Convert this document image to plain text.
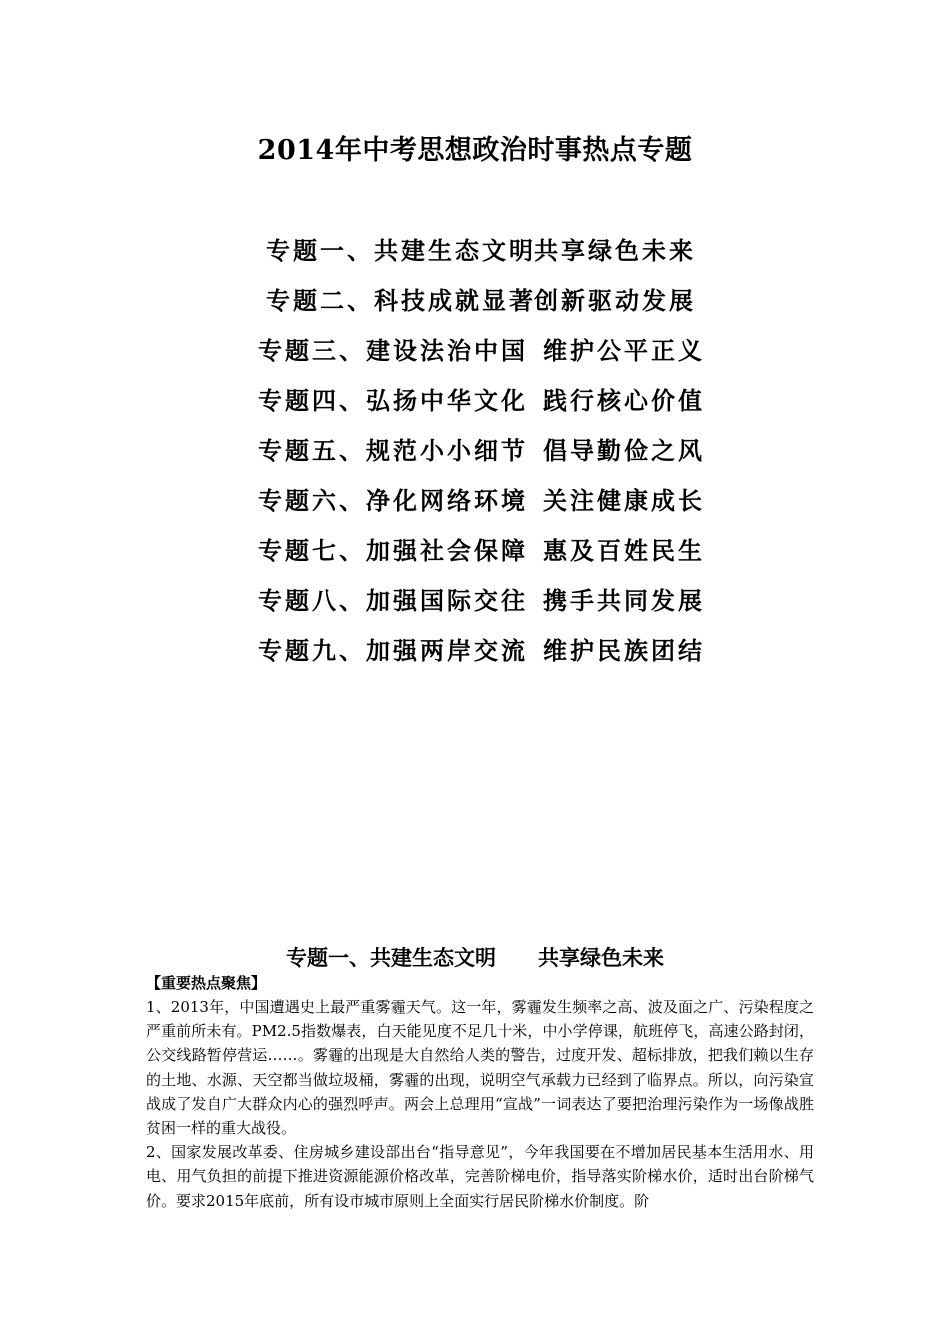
2014年中考思想政治时事热点专题
专题一、共建生态文明
共享绿色未来
专题二、科技成就显著
创新驱动发展
专题三、建设法治中国 维护公平正义
专题四、弘扬中华文化 践行核心价值
专题五、规范小小细节 倡导勤俭之风
专题六、净化网络环境 关注健康成长
专题七、加强社会保障 惠及百姓民生
专题八、加强国际交往 携手共同发展
专题九、加强两岸交流 维护民族团结
专题一、共建生态文明 共享绿色未来
【重要热点聚焦】

1、2013年，中国遭遇史上最严重雾霾天气。这一年，雾霾发生频率之高、波及面之广、污染程度之严重前所未有。PM2.5指数爆表，白天能见度不足几十米，中小学停课，航班停飞，高速公路封闭，公交线路暂停营运……。雾霾的出现是大自然给人类的警告，过度开发、超标排放，把我们赖以生存的土地、水源、天空都当做垃圾桶，雾霾的出现，说明空气承载力已经到了临界点。所以，向污染宣战成了发自广大群众内心的强烈呼声。两会上总理用“宣战”一词表达了要把治理污染作为一场像战胜贫困一样的重大战役。

2、国家发展改革委、住房城乡建设部出台“指导意见”，今年我国要在不增加居民基本生活用水、用电、用气负担的前提下推进资源能源价格改革，完善阶梯电价，指导落实阶梯水价，适时出台阶梯气价。要求2015年底前，所有设市城市原则上全面实行居民阶梯水价制度。阶
